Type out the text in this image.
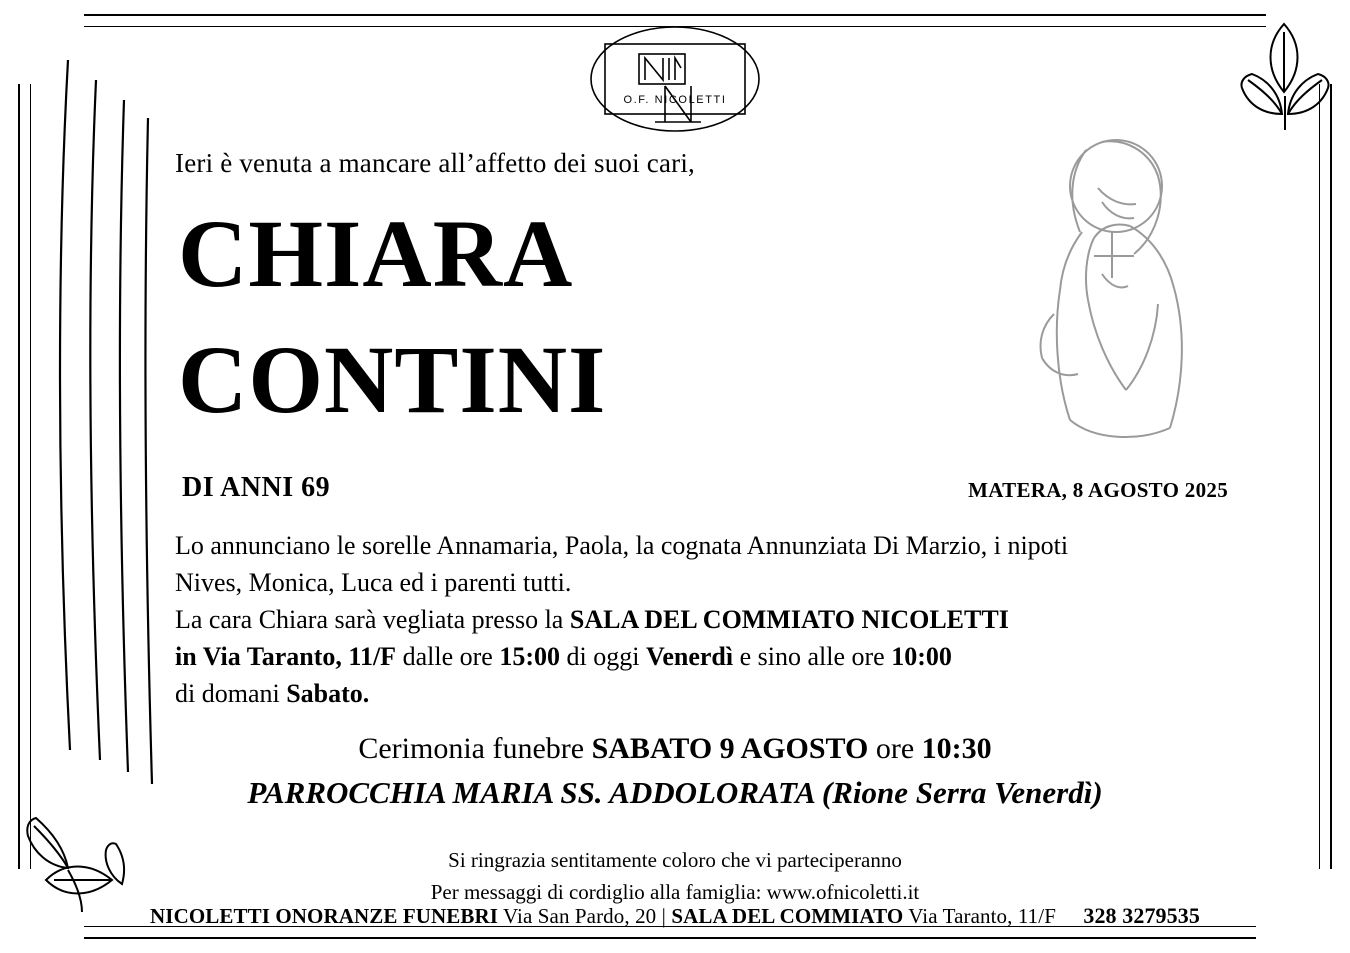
O.F. NICOLETTI
Ieri è venuta a mancare all’affetto dei suoi cari,
CHIARA
CONTINI
DI ANNI 69	MATERA, 8 AGOSTO 2025
Lo annunciano le sorelle Annamaria, Paola, la cognata Annunziata Di Marzio, i nipoti
Nives, Monica, Luca ed i parenti tutti.
La cara Chiara sarà vegliata presso la SALA DEL COMMIATO NICOLETTI
in Via Taranto, 11/F dalle ore 15:00 di oggi Venerdì e sino alle ore 10:00
di domani Sabato.
Cerimonia funebre SABATO 9 AGOSTO ore 10:30
PARROCCHIA MARIA SS. ADDOLORATA (Rione Serra Venerdì)
Si ringrazia sentitamente coloro che vi parteciperanno
Per messaggi di cordiglio alla famiglia: www.ofnicoletti.it
NICOLETTI ONORANZE FUNEBRI Via San Pardo, 20 | SALA DEL COMMIATO Via Taranto, 11/F 328 3279535
